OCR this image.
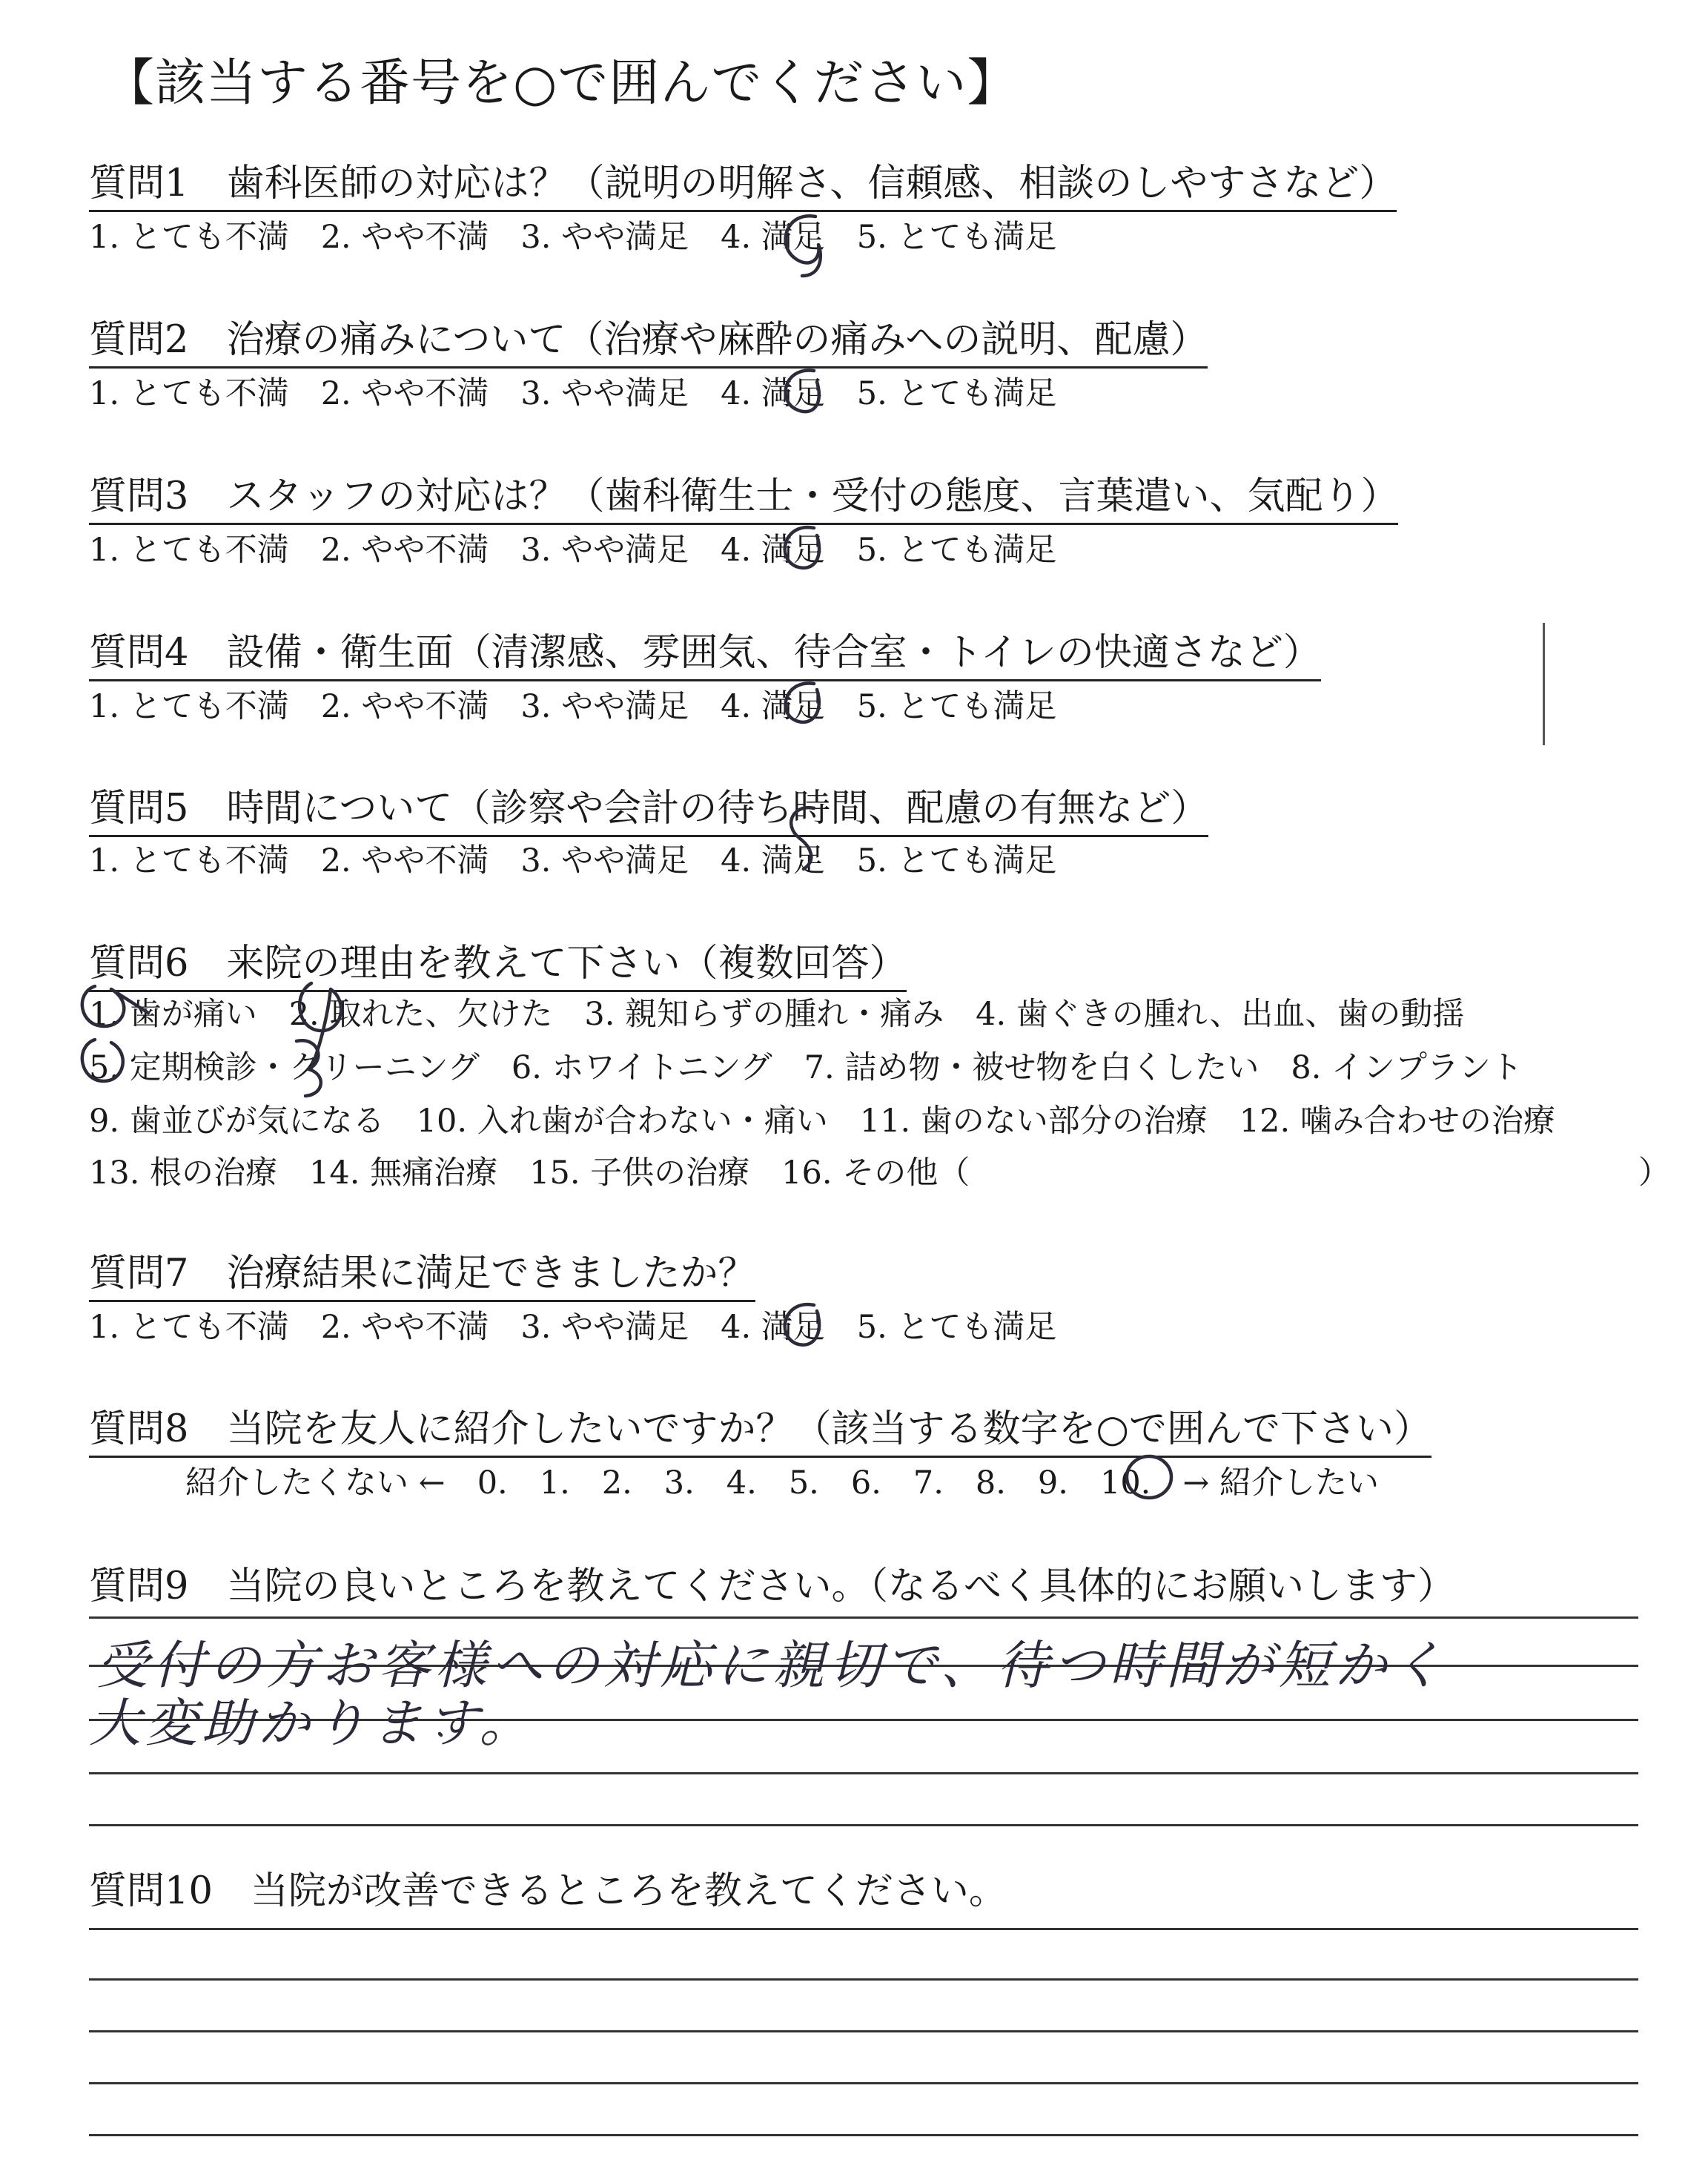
【該当する番号を○で囲んでください】
質問1　歯科医師の対応は？（説明の明解さ、信頼感、相談のしやすさなど）
1. とても不満　2. やや不満　3. やや満足　4. 満足　5. とても満足
質問2　治療の痛みについて（治療や麻酔の痛みへの説明、配慮）
1. とても不満　2. やや不満　3. やや満足　4. 満足　5. とても満足
質問3　スタッフの対応は？（歯科衛生士・受付の態度、言葉遣い、気配り）
1. とても不満　2. やや不満　3. やや満足　4. 満足　5. とても満足
質問4　設備・衛生面（清潔感、雰囲気、待合室・トイレの快適さなど）
1. とても不満　2. やや不満　3. やや満足　4. 満足　5. とても満足
質問5　時間について（診察や会計の待ち時間、配慮の有無など）
1. とても不満　2. やや不満　3. やや満足　4. 満足　5. とても満足
質問6　来院の理由を教えて下さい（複数回答）
1. 歯が痛い　2. 取れた、欠けた　3. 親知らずの腫れ・痛み　4. 歯ぐきの腫れ、出血、歯の動揺
5. 定期検診・クリーニング　6. ホワイトニング　7. 詰め物・被せ物を白くしたい　8. インプラント
9. 歯並びが気になる　10. 入れ歯が合わない・痛い　11. 歯のない部分の治療　12. 噛み合わせの治療
13. 根の治療　14. 無痛治療　15. 子供の治療　16. その他（	）
質問7　治療結果に満足できましたか？
1. とても不満　2. やや不満　3. やや満足　4. 満足　5. とても満足
質問8　当院を友人に紹介したいですか？（該当する数字を○で囲んで下さい）
紹介したくない ←　0.　1.　2.　3.　4.　5.　6.　7.　8.　9.　10.　→ 紹介したい
質問9　当院の良いところを教えてください。（なるべく具体的にお願いします）
受付の方お客様への対応に親切で、待つ時間が短かく
大変助かります。
質問10　当院が改善できるところを教えてください。
